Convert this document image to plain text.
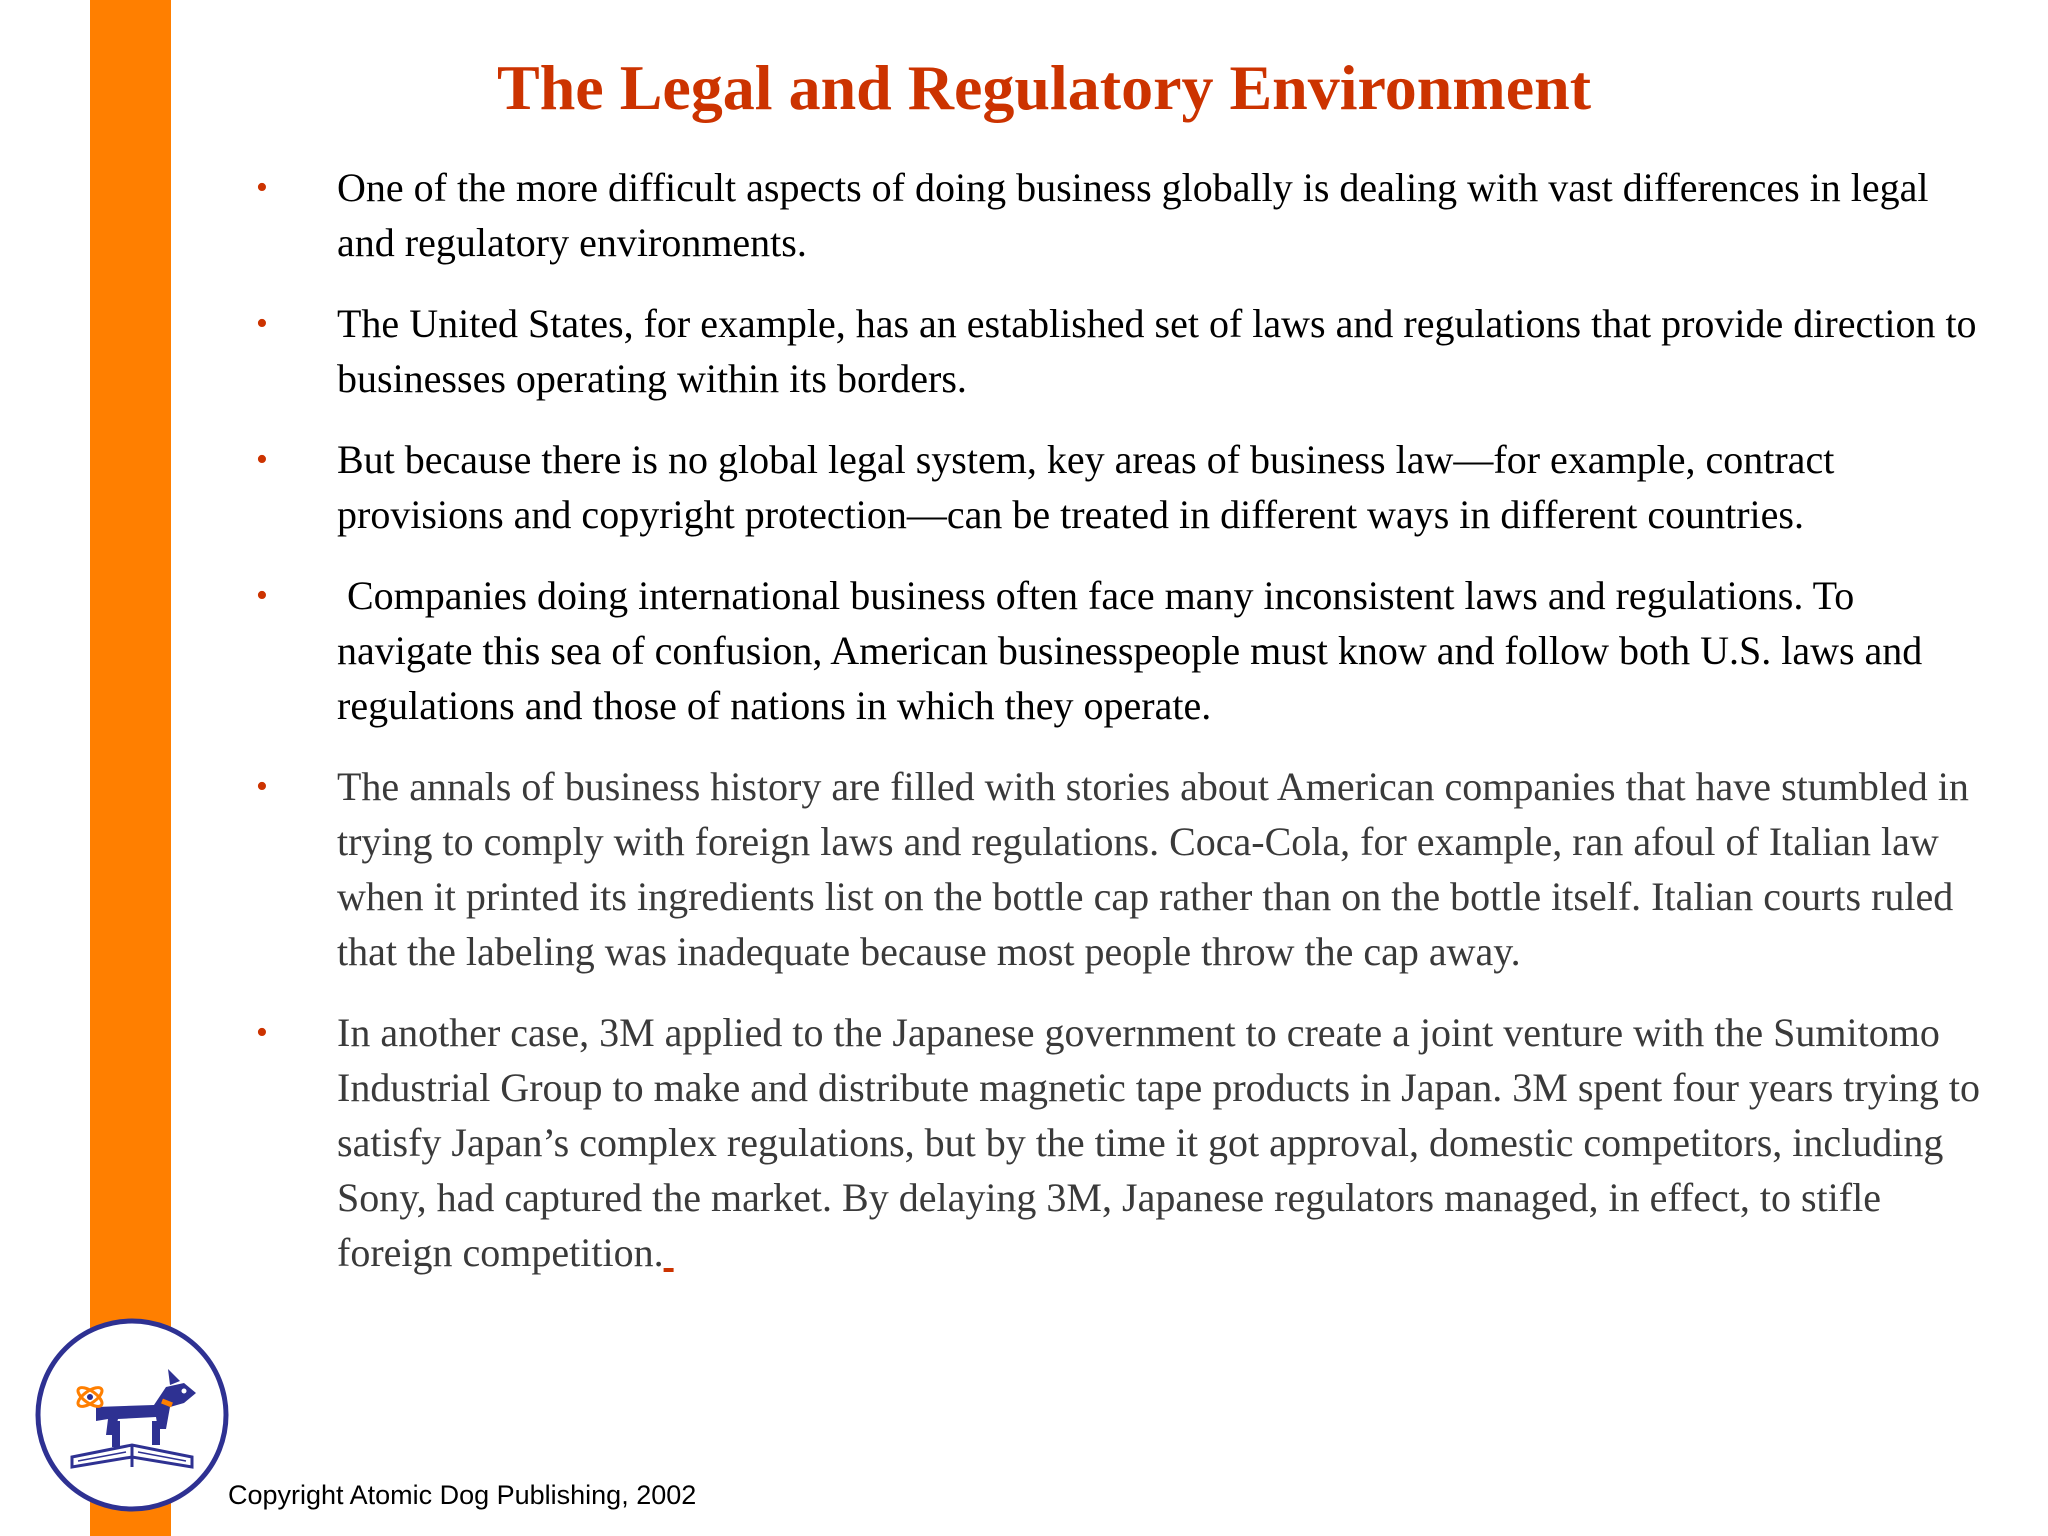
The Legal and Regulatory Environment
• One of the more difficult aspects of doing business globally is dealing with vast differences in legal and regulatory environments.
• The United States, for example, has an established set of laws and regulations that provide direction to businesses operating within its borders.
• But because there is no global legal system, key areas of business law—for example, contract provisions and copyright protection—can be treated in different ways in different countries.
• Companies doing international business often face many inconsistent laws and regulations. To navigate this sea of confusion, American businesspeople must know and follow both U.S. laws and regulations and those of nations in which they operate.
• The annals of business history are filled with stories about American companies that have stumbled in trying to comply with foreign laws and regulations. Coca-Cola, for example, ran afoul of Italian law when it printed its ingredients list on the bottle cap rather than on the bottle itself. Italian courts ruled that the labeling was inadequate because most people throw the cap away.
• In another case, 3M applied to the Japanese government to create a joint venture with the Sumitomo Industrial Group to make and distribute magnetic tape products in Japan. 3M spent four years trying to satisfy Japan’s complex regulations, but by the time it got approval, domestic competitors, including Sony, had captured the market. By delaying 3M, Japanese regulators managed, in effect, to stifle foreign competition.
Copyright Atomic Dog Publishing, 2002
